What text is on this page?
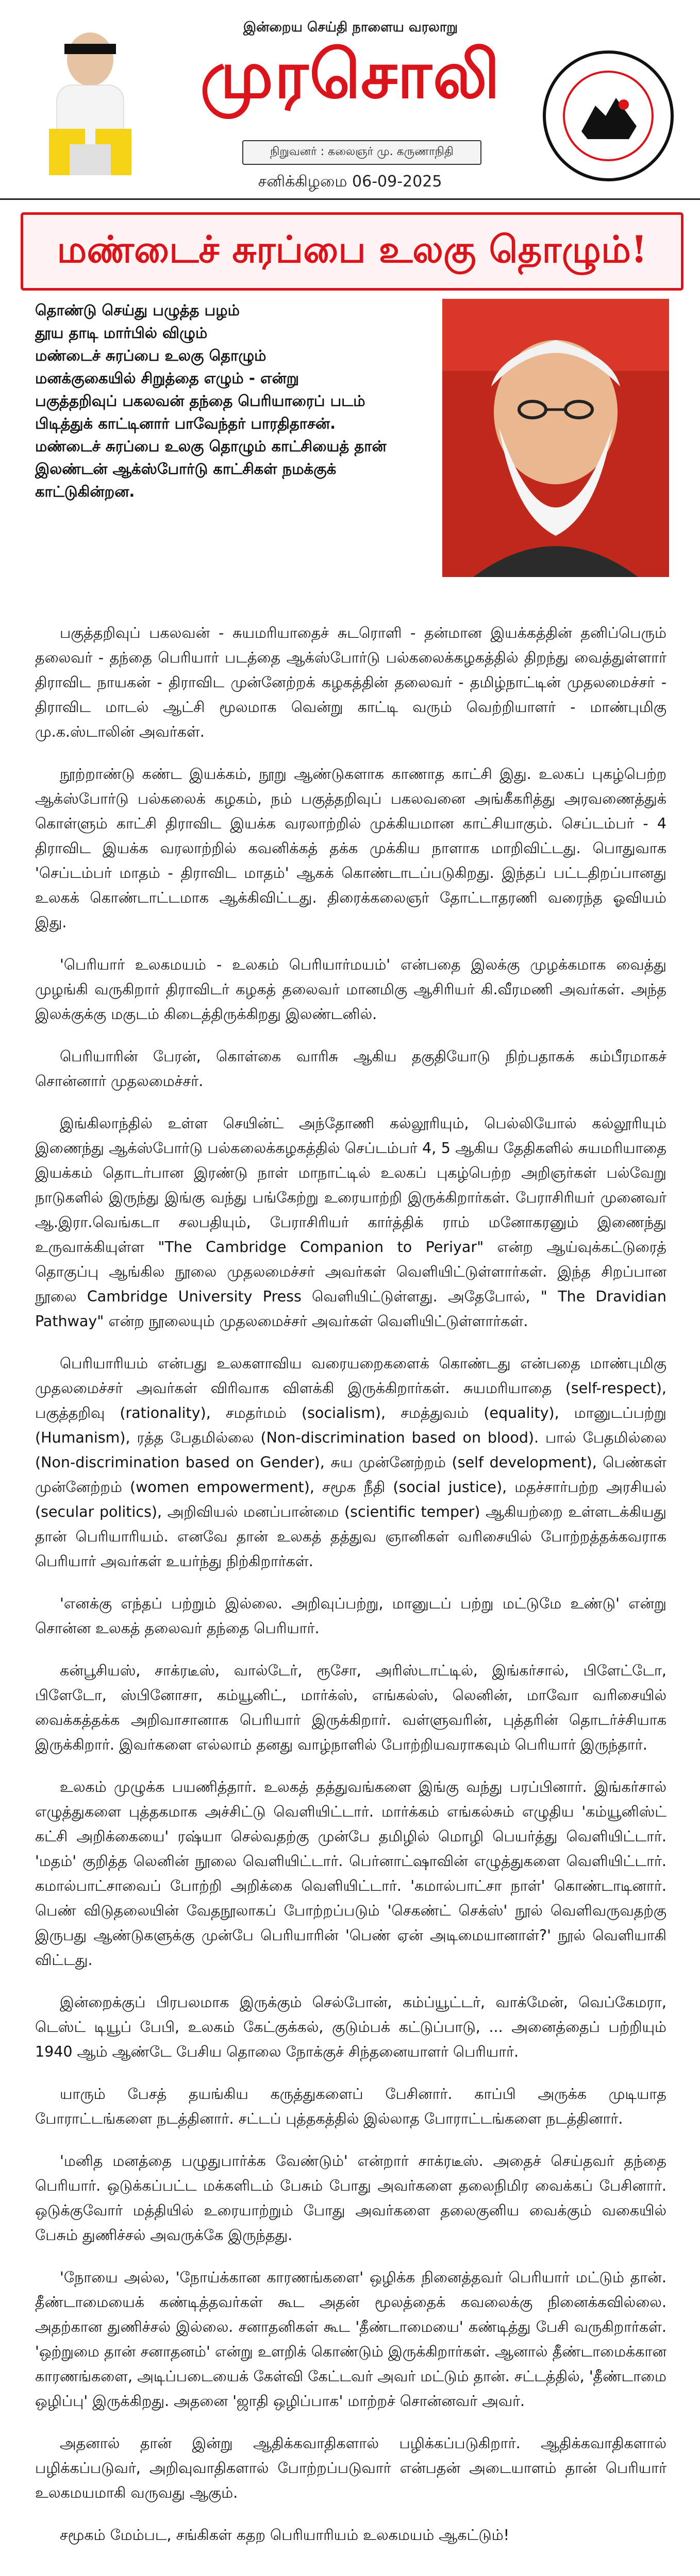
இன்றைய செய்தி நாளைய வரலாறு
முரசொலி
நிறுவனர் : கலைஞர் மு. கருணாநிதி
சனிக்கிழமை 06-09-2025
மண்டைச் சுரப்பை உலகு தொழும்!
தொண்டு செய்து பழுத்த பழம்
தூய தாடி மார்பில் விழும்
மண்டைச் சுரப்பை உலகு தொழும்
மனக்குகையில் சிறுத்தை எழும் - என்று
பகுத்தறிவுப் பகலவன் தந்தை பெரியாரைப் படம்
பிடித்துக் காட்டினார் பாவேந்தர் பாரதிதாசன்.
மண்டைச் சுரப்பை உலகு தொழும் காட்சியைத் தான்
இலண்டன் ஆக்ஸ்போர்டு காட்சிகள் நமக்குக்
காட்டுகின்றன.

பகுத்தறிவுப் பகலவன் - சுயமரியாதைச் சுடரொளி - தன்மான இயக்கத்தின் தனிப்பெரும் தலைவர் - தந்தை பெரியார் படத்தை ஆக்ஸ்போர்டு பல்கலைக்கழகத்தில் திறந்து வைத்துள்ளார் திராவிட நாயகன் - திராவிட முன்னேற்றக் கழகத்தின் தலைவர் - தமிழ்நாட்டின் முதலமைச்சர் - திராவிட மாடல் ஆட்சி மூலமாக வென்று காட்டி வரும் வெற்றியாளர் - மாண்புமிகு மு.க.ஸ்டாலின் அவர்கள்.

நூற்றாண்டு கண்ட இயக்கம், நூறு ஆண்டுகளாக காணாத காட்சி இது. உலகப் புகழ்பெற்ற ஆக்ஸ்போர்டு பல்கலைக் கழகம், நம் பகுத்தறிவுப் பகலவனை அங்கீகரித்து அரவணைத்துக் கொள்ளும் காட்சி திராவிட இயக்க வரலாற்றில் முக்கியமான காட்சியாகும். செப்டம்பர் - 4 திராவிட இயக்க வரலாற்றில் கவனிக்கத் தக்க முக்கிய நாளாக மாறிவிட்டது. பொதுவாக 'செப்டம்பர் மாதம் - திராவிட மாதம்' ஆகக் கொண்டாடப்படுகிறது. இந்தப் பட்டதிறப்பானது உலகக் கொண்டாட்டமாக ஆக்கிவிட்டது. திரைக்கலைஞர் தோட்டாதரணி வரைந்த ஓவியம் இது.

'பெரியார் உலகமயம் - உலகம் பெரியார்மயம்' என்பதை இலக்கு முழக்கமாக வைத்து முழங்கி வருகிறார் திராவிடர் கழகத் தலைவர் மானமிகு ஆசிரியர் கி.வீரமணி அவர்கள். அந்த இலக்குக்கு மகுடம் கிடைத்திருக்கிறது இலண்டனில்.

பெரியாரின் பேரன், கொள்கை வாரிசு ஆகிய தகுதியோடு நிற்பதாகக் கம்பீரமாகச் சொன்னார் முதலமைச்சர்.

இங்கிலாந்தில் உள்ள செயின்ட் அந்தோணி கல்லூரியும், பெல்லியோல் கல்லூரியும் இணைந்து ஆக்ஸ்போர்டு பல்கலைக்கழகத்தில் செப்டம்பர் 4, 5 ஆகிய தேதிகளில் சுயமரியாதை இயக்கம் தொடர்பான இரண்டு நாள் மாநாட்டில் உலகப் புகழ்பெற்ற அறிஞர்கள் பல்வேறு நாடுகளில் இருந்து இங்கு வந்து பங்கேற்று உரையாற்றி இருக்கிறார்கள். பேராசிரியர் முனைவர் ஆ.இரா.வெங்கடா சலபதியும், பேராசிரியர் கார்த்திக் ராம் மனோகரனும் இணைந்து உருவாக்கியுள்ள "The Cambridge Companion to Periyar" என்ற ஆய்வுக்கட்டுரைத் தொகுப்பு ஆங்கில நூலை முதலமைச்சர் அவர்கள் வெளியிட்டுள்ளார்கள். இந்த சிறப்பான நூலை Cambridge University Press வெளியிட்டுள்ளது. அதேபோல், " The Dravidian Pathway" என்ற நூலையும் முதலமைச்சர் அவர்கள் வெளியிட்டுள்ளார்கள்.

பெரியாரியம் என்பது உலகளாவிய வரையறைகளைக் கொண்டது என்பதை மாண்புமிகு முதலமைச்சர் அவர்கள் விரிவாக விளக்கி இருக்கிறார்கள். சுயமரியாதை (self-respect), பகுத்தறிவு (rationality), சமதர்மம் (socialism), சமத்துவம் (equality), மானுடப்பற்று (Humanism), ரத்த பேதமில்லை (Non-discrimination based on blood). பால் பேதமில்லை (Non-discrimination based on Gender), சுய முன்னேற்றம் (self development), பெண்கள் முன்னேற்றம் (women empowerment), சமூக நீதி (social justice), மதச்சார்பற்ற அரசியல் (secular politics), அறிவியல் மனப்பான்மை (scientific temper) ஆகியற்றை உள்ளடக்கியது தான் பெரியாரியம். எனவே தான் உலகத் தத்துவ ஞானிகள் வரிசையில் போற்றத்தக்கவராக பெரியார் அவர்கள் உயர்ந்து நிற்கிறார்கள்.

'எனக்கு எந்தப் பற்றும் இல்லை. அறிவுப்பற்று, மானுடப் பற்று மட்டுமே உண்டு' என்று சொன்ன உலகத் தலைவர் தந்தை பெரியார்.

கன்பூசியஸ், சாக்ரடீஸ், வால்டேர், ரூசோ, அரிஸ்டாட்டில், இங்கர்சால், பிளேட்டோ, பிளேடோ, ஸ்பினோசா, கம்யூனிட், மார்க்ஸ், எங்கல்ஸ், லெனின், மாவோ வரிசையில் வைக்கத்தக்க அறிவாசானாக பெரியார் இருக்கிறார். வள்ளுவரின், புத்தரின் தொடர்ச்சியாக இருக்கிறார். இவர்களை எல்லாம் தனது வாழ்நாளில் போற்றியவராகவும் பெரியார் இருந்தார்.

உலகம் முழுக்க பயணித்தார். உலகத் தத்துவங்களை இங்கு வந்து பரப்பினார். இங்கர்சால் எழுத்துகளை புத்தகமாக அச்சிட்டு வெளியிட்டார். மார்க்கம் எங்கல்சும் எழுதிய 'கம்யூனிஸ்ட் கட்சி அறிக்கையை' ரஷ்யா செல்வதற்கு முன்பே தமிழில் மொழி பெயர்த்து வெளியிட்டார். 'மதம்' குறித்த லெனின் நூலை வெளியிட்டார். பெர்னாட்ஷாவின் எழுத்துகளை வெளியிட்டார். கமால்பாட்சாவைப் போற்றி அறிக்கை வெளியிட்டார். 'கமால்பாட்சா நாள்' கொண்டாடினார். பெண் விடுதலையின் வேதநூலாகப் போற்றப்படும் 'செகண்ட் செக்ஸ்' நூல் வெளிவருவதற்கு இருபது ஆண்டுகளுக்கு முன்பே பெரியாரின் 'பெண் ஏன் அடிமையானாள்?' நூல் வெளியாகி விட்டது.

இன்றைக்குப் பிரபலமாக இருக்கும் செல்போன், கம்ப்யூட்டர், வாக்மேன், வெப்கேமரா, டெஸ்ட் டியூப் பேபி, உலகம் கேட்குக்கல், குடும்பக் கட்டுப்பாடு, ... அனைத்தைப் பற்றியும் 1940 ஆம் ஆண்டே பேசிய தொலை நோக்குச் சிந்தனையாளர் பெரியார்.

யாரும் பேசத் தயங்கிய கருத்துகளைப் பேசினார். காப்பி அருக்க முடியாத போராட்டங்களை நடத்தினார். சட்டப் புத்தகத்தில் இல்லாத போராட்டங்களை நடத்தினார்.

'மனித மனத்தை பழுதுபார்க்க வேண்டும்' என்றார் சாக்ரடீஸ். அதைச் செய்தவர் தந்தை பெரியார். ஒடுக்கப்பட்ட மக்களிடம் பேசும் போது அவர்களை தலைநிமிர வைக்கப் பேசினார். ஒடுக்குவோர் மத்தியில் உரையாற்றும் போது அவர்களை தலைகுனிய வைக்கும் வகையில் பேசும் துணிச்சல் அவருக்கே இருந்தது.

'நோயை அல்ல, 'நோய்க்கான காரணங்களை' ஒழிக்க நினைத்தவர் பெரியார் மட்டும் தான். தீண்டாமையைக் கண்டித்தவர்கள் கூட அதன் மூலத்தைக் கவலைக்கு நினைக்கவில்லை. அதற்கான துணிச்சல் இல்லை. சனாதனிகள் கூட 'தீண்டாமையை' கண்டித்து பேசி வருகிறார்கள். 'ஒற்றுமை தான் சனாதனம்' என்று உளறிக் கொண்டும் இருக்கிறார்கள். ஆனால் தீண்டாமைக்கான காரணங்களை, அடிப்படையைக் கேள்வி கேட்டவர் அவர் மட்டும் தான். சட்டத்தில், 'தீண்டாமை ஒழிப்பு' இருக்கிறது. அதனை 'ஜாதி ஒழிப்பாக' மாற்றச் சொன்னவர் அவர்.

அதனால் தான் இன்று ஆதிக்கவாதிகளால் பழிக்கப்படுகிறார். ஆதிக்கவாதிகளால் பழிக்கப்படுவர், அறிவுவாதிகளால் போற்றப்படுவார் என்பதன் அடையாளம் தான் பெரியார் உலகமயமாகி வருவது ஆகும்.

சமூகம் மேம்பட, சங்கிகள் கதற பெரியாரியம் உலகமயம் ஆகட்டும்!
